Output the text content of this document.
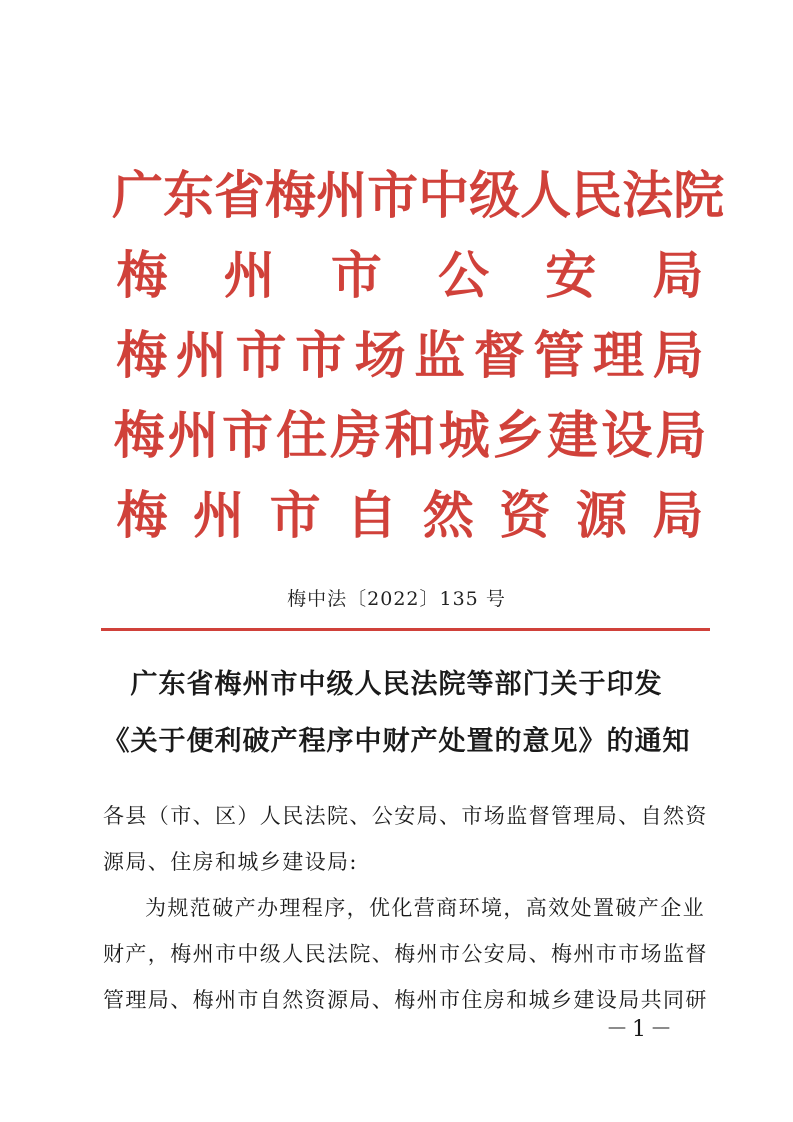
广 东 省 梅 州 市 中 级 人 民 法 院
梅 州 市 公 安 局
梅 州 市 市 场 监 督 管 理 局
梅 州 市 住 房 和 城 乡 建 设 局
梅 州 市 自 然 资 源 局
梅中法〔2022〕135 号
广东省梅州市中级人民法院等部门关于印发
《关于便利破产程序中财产处置的意见》的通知
各县（市、区）人民法院、公安局、市场监督管理局、自然资
源局、住房和城乡建设局:
为规范破产办理程序，优化营商环境，高效处置破产企业
财产，梅州市中级人民法院、梅州市公安局、梅州市市场监督
管理局、梅州市自然资源局、梅州市住房和城乡建设局共同研
－1－
